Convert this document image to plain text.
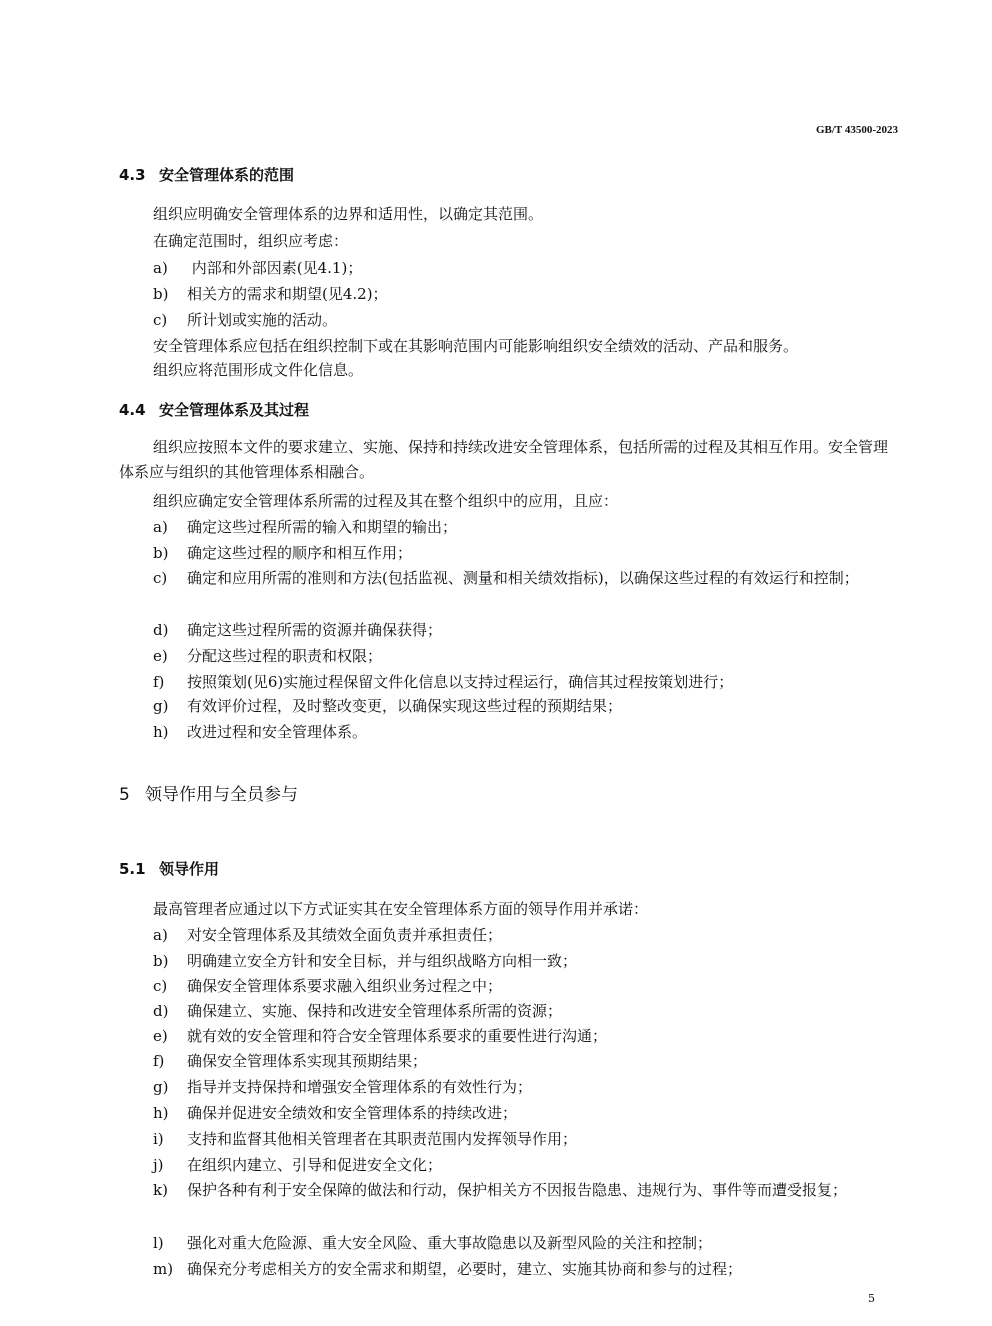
GB/T 43500-2023
4.3 安全管理体系的范围
组织应明确安全管理体系的边界和适用性，以确定其范围。
在确定范围时，组织应考虑：
a) 内部和外部因素(见4.1)；
b) 相关方的需求和期望(见4.2)；
c) 所计划或实施的活动。
安全管理体系应包括在组织控制下或在其影响范围内可能影响组织安全绩效的活动、产品和服务。
组织应将范围形成文件化信息。
4.4 安全管理体系及其过程
组织应按照本文件的要求建立、实施、保持和持续改进安全管理体系，包括所需的过程及其相互作用。安全管理体系应与组织的其他管理体系相融合。
组织应确定安全管理体系所需的过程及其在整个组织中的应用，且应：
a) 确定这些过程所需的输入和期望的输出；
b) 确定这些过程的顺序和相互作用；
c) 确定和应用所需的准则和方法(包括监视、测量和相关绩效指标)，以确保这些过程的有效运行和控制；
d) 确定这些过程所需的资源并确保获得；
e) 分配这些过程的职责和权限；
f) 按照策划(见6)实施过程保留文件化信息以支持过程运行，确信其过程按策划进行；
g) 有效评价过程，及时整改变更，以确保实现这些过程的预期结果；
h) 改进过程和安全管理体系。
5 领导作用与全员参与
5.1 领导作用
最高管理者应通过以下方式证实其在安全管理体系方面的领导作用并承诺：
a) 对安全管理体系及其绩效全面负责并承担责任；
b) 明确建立安全方针和安全目标，并与组织战略方向相一致；
c) 确保安全管理体系要求融入组织业务过程之中；
d) 确保建立、实施、保持和改进安全管理体系所需的资源；
e) 就有效的安全管理和符合安全管理体系要求的重要性进行沟通；
f) 确保安全管理体系实现其预期结果；
g) 指导并支持保持和增强安全管理体系的有效性行为；
h) 确保并促进安全绩效和安全管理体系的持续改进；
i) 支持和监督其他相关管理者在其职责范围内发挥领导作用；
j) 在组织内建立、引导和促进安全文化；
k) 保护各种有利于安全保障的做法和行动，保护相关方不因报告隐患、违规行为、事件等而遭受报复；
l) 强化对重大危险源、重大安全风险、重大事故隐患以及新型风险的关注和控制；
m) 确保充分考虑相关方的安全需求和期望，必要时，建立、实施其协商和参与的过程；
5
